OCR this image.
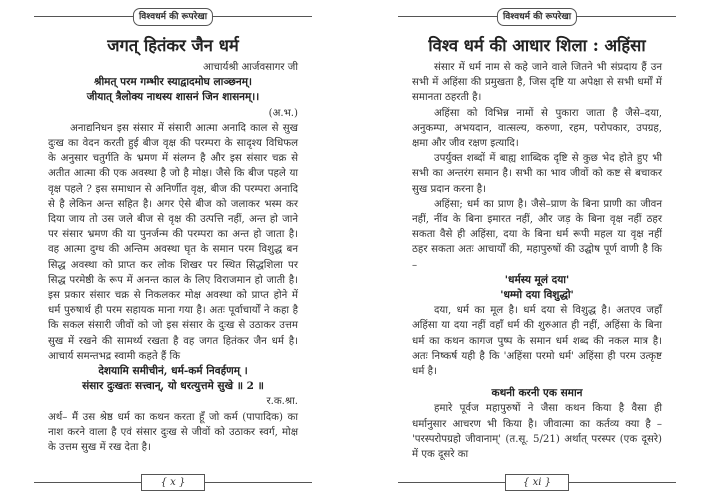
विश्वधर्म की रूपरेखा
जगत् हितंकर जैन धर्म
आचार्यश्री आर्जवसागर जी
श्रीमत् परम गम्भीर स्याद्वादमोघ लाञ्छनम्।
जीयात् त्रैलोक्य नाथस्य शासनं जिन शासनम्।।
(अ.भ.)

अनाद्यनिधन इस संसार में संसारी आत्मा अनादि काल से सुख दुःख का वेदन करती हुई बीज वृक्ष की परम्परा के सादृश्य विधिफल के अनुसार चतुर्गति के भ्रमण में संलग्न है और इस संसार चक्र से अतीत आत्मा की एक अवस्था है जो है मोक्ष। जैसे कि बीज पहले या वृक्ष पहले ? इस समाधान से अनिर्णीत वृक्ष, बीज की परम्परा अनादि से है लेकिन अन्त सहित है। अगर ऐसे बीज को जलाकर भस्म कर दिया जाय तो उस जले बीज से वृक्ष की उत्पत्ति नहीं, अन्त हो जाने पर संसार भ्रमण की या पुनर्जन्म की परम्परा का अन्त हो जाता है। वह आत्मा दुग्ध की अन्तिम अवस्था घृत के समान परम विशुद्ध बन सिद्ध अवस्था को प्राप्त कर लोक शिखर पर स्थित सिद्धशिला पर सिद्ध परमेष्ठी के रूप में अनन्त काल के लिए विराजमान हो जाती है। इस प्रकार संसार चक्र से निकलकर मोक्ष अवस्था को प्राप्त होने में धर्म पुरुषार्थ ही परम सहायक माना गया है। अतः पूर्वाचार्यों ने कहा है कि सकल संसारी जीवों को जो इस संसार के दुःख से उठाकर उत्तम सुख में रखने की सामर्थ्य रखता है वह जगत हितंकर जैन धर्म है। आचार्य समन्तभद्र स्वामी कहते हैं कि

देशयामि समीचीनं, धर्म-कर्म निवर्हणम् ।
संसार दुःखतः सत्त्वान्, यो धरत्युत्तमे सुखे ॥ 2 ॥
र.क.श्रा.

अर्थ– मैं उस श्रेष्ठ धर्म का कथन करता हूँ जो कर्म (पापादिक) का नाश करने वाला है एवं संसार दुःख से जीवों को उठाकर स्वर्ग, मोक्ष के उत्तम सुख में रख देता है।

{ x }
विश्वधर्म की रूपरेखा
विश्व धर्म की आधार शिला : अहिंसा

संसार में धर्म नाम से कहे जाने वाले जितने भी संप्रदाय हैं उन सभी में अहिंसा की प्रमुखता है, जिस दृष्टि या अपेक्षा से सभी धर्मों में समानता ठहरती है।

अहिंसा को विभिन्न नामों से पुकारा जाता है जैसे–दया, अनुकम्पा, अभयदान, वात्सल्य, करुणा, रहम, परोपकार, उपग्रह, क्षमा और जीव रक्षण इत्यादि।

उपर्युक्त शब्दों में बाह्य शाब्दिक दृष्टि से कुछ भेद होते हुए भी सभी का अन्तरंग समान है। सभी का भाव जीवों को कष्ट से बचाकर सुख प्रदान करना है।

अहिंसा; धर्म का प्राण है। जैसे–प्राण के बिना प्राणी का जीवन नहीं, नींव के बिना इमारत नहीं, और जड़ के बिना वृक्ष नहीं ठहर सकता वैसे ही अहिंसा, दया के बिना धर्म रूपी महल या वृक्ष नहीं ठहर सकता अतः आचार्यों की, महापुरुषों की उद्घोष पूर्ण वाणी है कि –

'धर्मस्य मूलं दया'
'धम्मो दया विशुद्धो'

दया, धर्म का मूल है। धर्म दया से विशुद्ध है। अतएव जहाँ अहिंसा या दया नहीं वहाँ धर्म की शुरुआत ही नहीं, अहिंसा के बिना धर्म का कथन कागज पुष्प के समान धर्म शब्द की नकल मात्र है। अतः निष्कर्ष यही है कि 'अहिंसा परमो धर्म' अहिंसा ही परम उत्कृष्ट धर्म है।

कथनी करनी एक समान

हमारे पूर्वज महापुरुषों ने जैसा कथन किया है वैसा ही धर्मानुसार आचरण भी किया है। जीवात्मा का कर्तव्य क्या है – 'परस्परोपग्रहो जीवानाम्' (त.सू. 5/21) अर्थात् परस्पर (एक दूसरे) में एक दूसरे का

{ xi }
